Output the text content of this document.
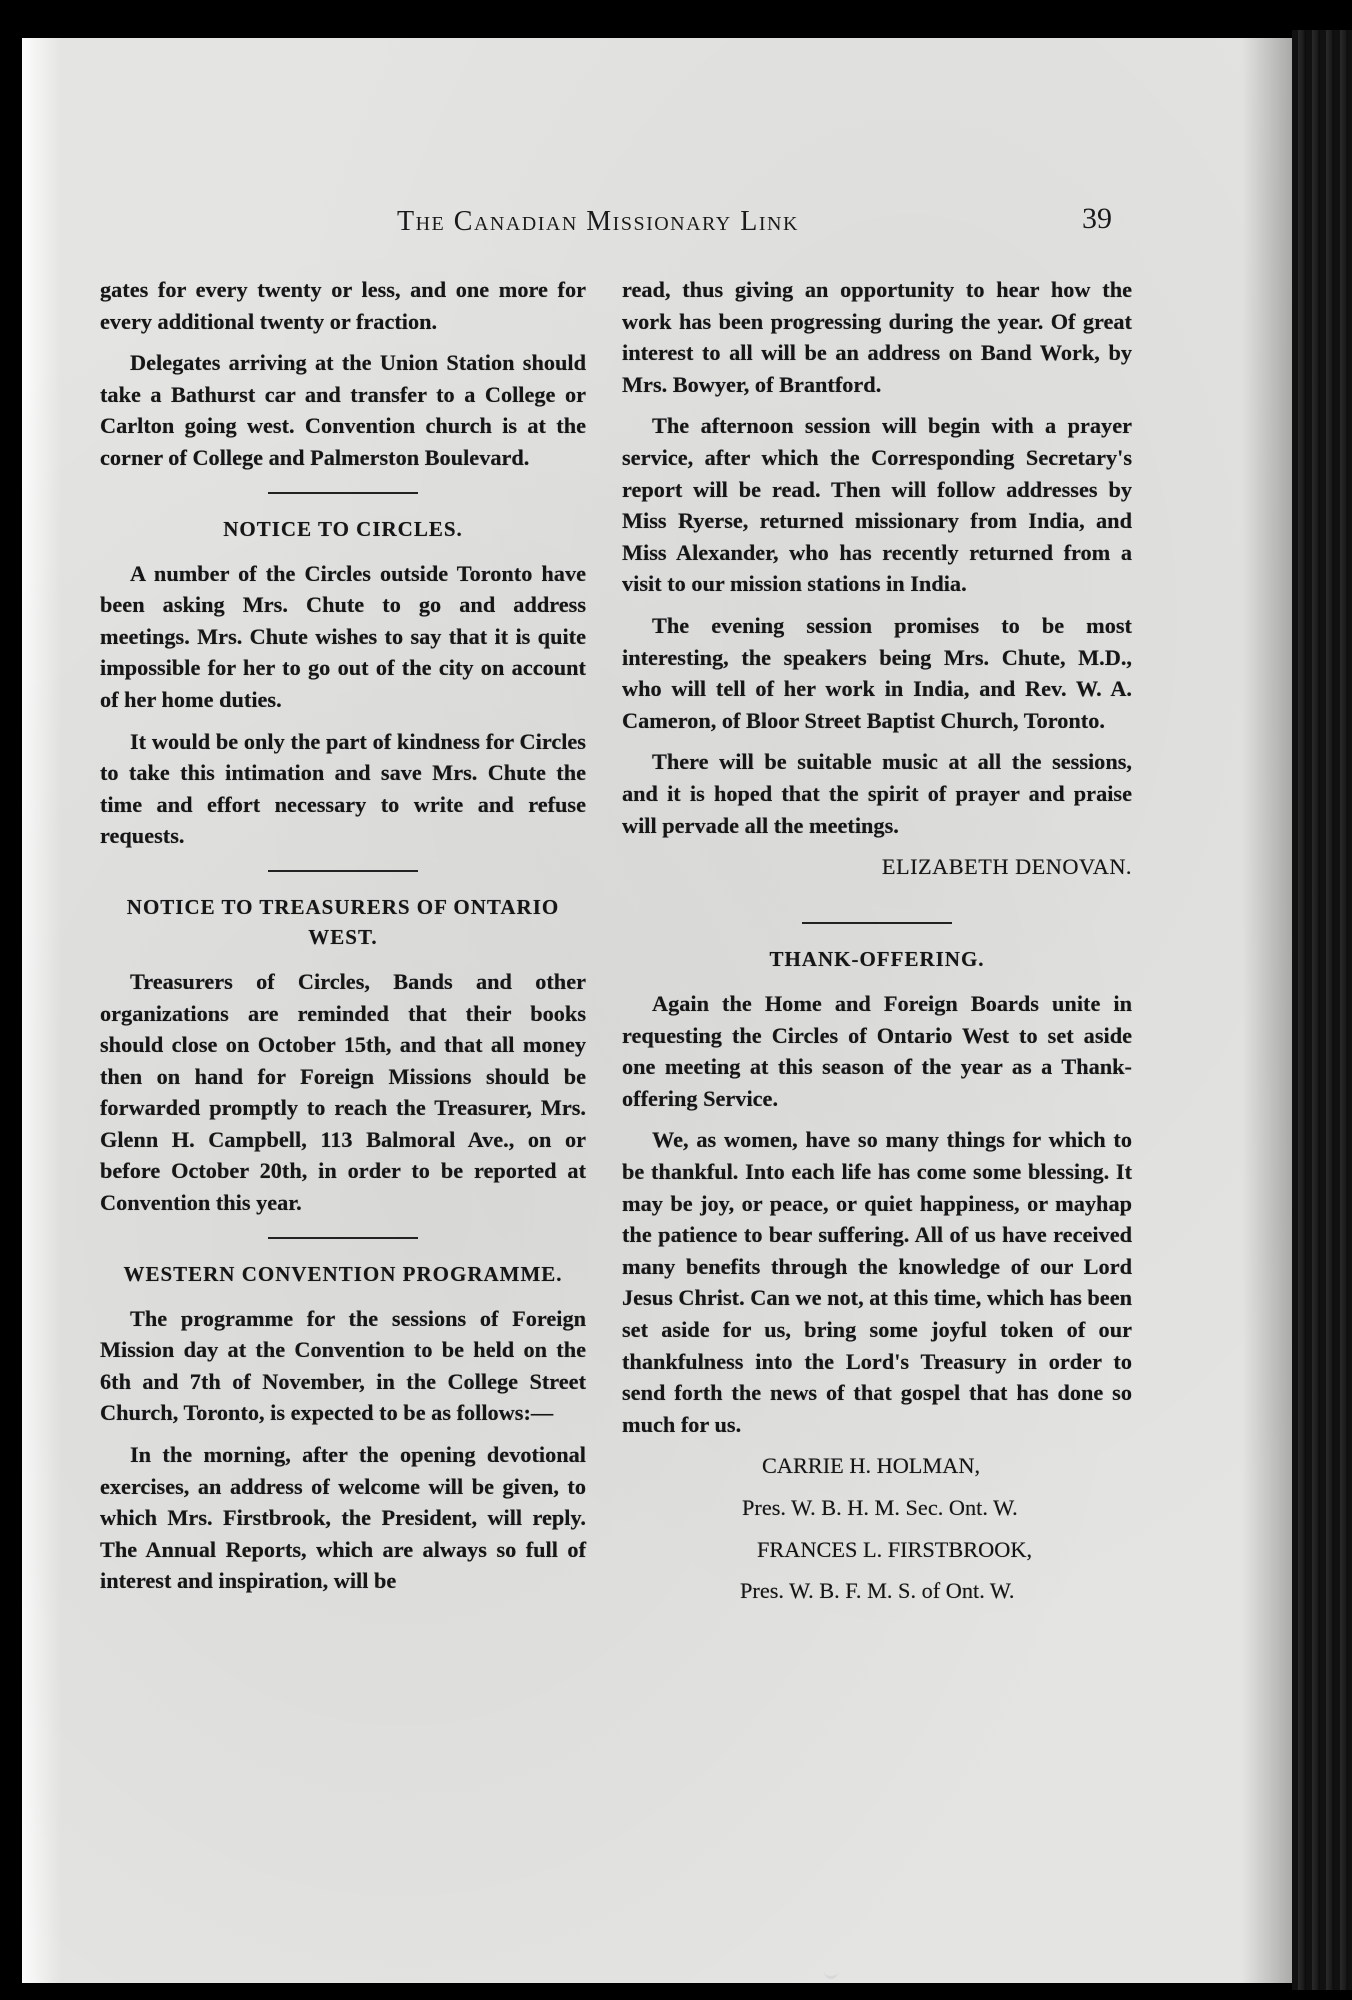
The Canadian Missionary Link	39

gates for every twenty or less, and one more for every additional twenty or fraction.

Delegates arriving at the Union Station should take a Bathurst car and transfer to a College or Carlton going west. Convention church is at the corner of College and Palmerston Boulevard.

NOTICE TO CIRCLES.

A number of the Circles outside Toronto have been asking Mrs. Chute to go and address meetings. Mrs. Chute wishes to say that it is quite impossible for her to go out of the city on account of her home duties.

It would be only the part of kindness for Circles to take this intimation and save Mrs. Chute the time and effort necessary to write and refuse requests.

NOTICE TO TREASURERS OF ONTARIO WEST.

Treasurers of Circles, Bands and other organizations are reminded that their books should close on October 15th, and that all money then on hand for Foreign Missions should be forwarded promptly to reach the Treasurer, Mrs. Glenn H. Campbell, 113 Balmoral Ave., on or before October 20th, in order to be reported at Convention this year.

WESTERN CONVENTION PROGRAMME.

The programme for the sessions of Foreign Mission day at the Convention to be held on the 6th and 7th of November, in the College Street Church, Toronto, is expected to be as follows:—

In the morning, after the opening devotional exercises, an address of welcome will be given, to which Mrs. Firstbrook, the President, will reply. The Annual Reports, which are always so full of interest and inspiration, will be

read, thus giving an opportunity to hear how the work has been progressing during the year. Of great interest to all will be an address on Band Work, by Mrs. Bowyer, of Brantford.

The afternoon session will begin with a prayer service, after which the Corresponding Secretary's report will be read. Then will follow addresses by Miss Ryerse, returned missionary from India, and Miss Alexander, who has recently returned from a visit to our mission stations in India.

The evening session promises to be most interesting, the speakers being Mrs. Chute, M.D., who will tell of her work in India, and Rev. W. A. Cameron, of Bloor Street Baptist Church, Toronto.

There will be suitable music at all the sessions, and it is hoped that the spirit of prayer and praise will pervade all the meetings.

ELIZABETH DENOVAN.

THANK-OFFERING.

Again the Home and Foreign Boards unite in requesting the Circles of Ontario West to set aside one meeting at this season of the year as a Thank-offering Service.

We, as women, have so many things for which to be thankful. Into each life has come some blessing. It may be joy, or peace, or quiet happiness, or mayhap the patience to bear suffering. All of us have received many benefits through the knowledge of our Lord Jesus Christ. Can we not, at this time, which has been set aside for us, bring some joyful token of our thankfulness into the Lord's Treasury in order to send forth the news of that gospel that has done so much for us.

CARRIE H. HOLMAN,

Pres. W. B. H. M. Sec. Ont. W.

FRANCES L. FIRSTBROOK,

Pres. W. B. F. M. S. of Ont. W.
